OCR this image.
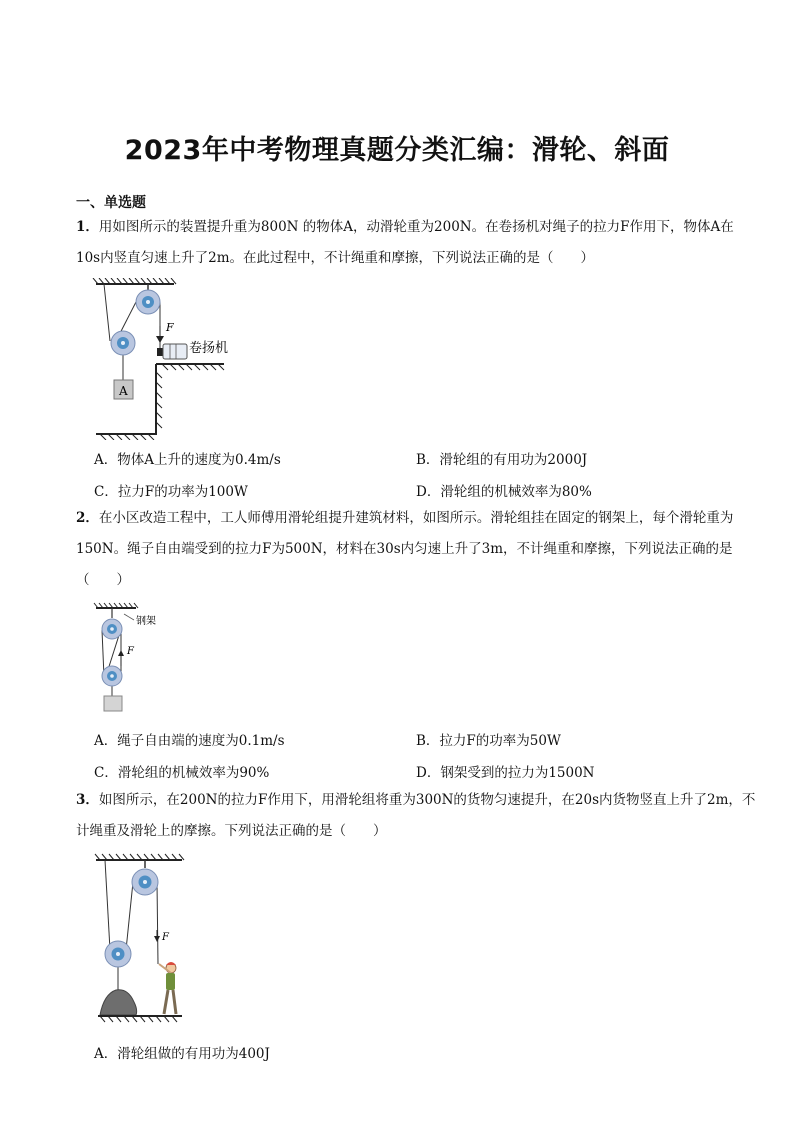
2023年中考物理真题分类汇编：滑轮、斜面
一、单选题
1．用如图所示的装置提升重为800N 的物体A，动滑轮重为200N。在卷扬机对绳子的拉力F作用下，物体A在10s内竖直匀速上升了2m。在此过程中，不计绳重和摩擦，下列说法正确的是（　　）
A
F
卷扬机
A．物体A上升的速度为0.4m/s	B．滑轮组的有用功为2000J
C．拉力F的功率为100W	D．滑轮组的机械效率为80%
2．在小区改造工程中，工人师傅用滑轮组提升建筑材料，如图所示。滑轮组挂在固定的钢架上，每个滑轮重为150N。绳子自由端受到的拉力F为500N，材料在30s内匀速上升了3m，不计绳重和摩擦，下列说法正确的是（　　）
钢架
F
A．绳子自由端的速度为0.1m/s	B．拉力F的功率为50W
C．滑轮组的机械效率为90%	D．钢架受到的拉力为1500N
3．如图所示，在200N的拉力F作用下，用滑轮组将重为300N的货物匀速提升，在20s内货物竖直上升了2m，不计绳重及滑轮上的摩擦。下列说法正确的是（　　）
F
A．滑轮组做的有用功为400J
